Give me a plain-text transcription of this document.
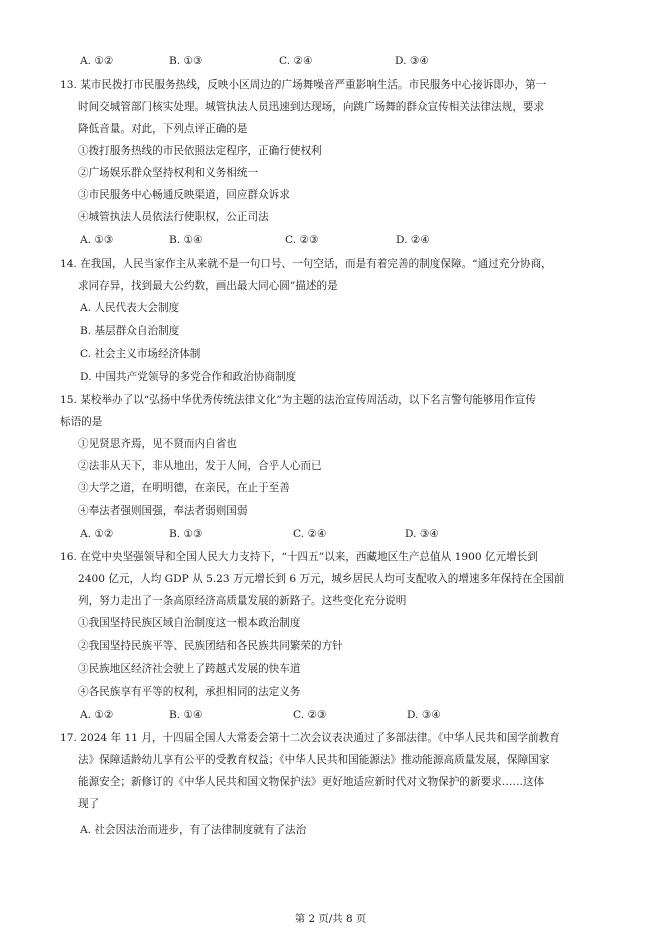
A. ①②	B. ①③	C. ②④	D. ③④
13. 某市民拨打市民服务热线，反映小区周边的广场舞噪音严重影响生活。市民服务中心接诉即办，第一
时间交城管部门核实处理。城管执法人员迅速到达现场，向跳广场舞的群众宣传相关法律法规，要求
降低音量。对此，下列点评正确的是
①拨打服务热线的市民依照法定程序，正确行使权利
②广场娱乐群众坚持权利和义务相统一
③市民服务中心畅通反映渠道，回应群众诉求
④城管执法人员依法行使职权，公正司法
A. ①③	B. ①④	C. ②③	D. ②④
14. 在我国，人民当家作主从来就不是一句口号、一句空话，而是有着完善的制度保障。“通过充分协商，
求同存异，找到最大公约数，画出最大同心圆”描述的是
A. 人民代表大会制度
B. 基层群众自治制度
C. 社会主义市场经济体制
D. 中国共产党领导的多党合作和政治协商制度
15. 某校举办了以“弘扬中华优秀传统法律文化”为主题的法治宣传周活动，以下名言警句能够用作宣传
标语的是
①见贤思齐焉，见不贤而内自省也
②法非从天下，非从地出，发于人间，合乎人心而已
③大学之道，在明明德，在亲民，在止于至善
④奉法者强则国强，奉法者弱则国弱
A. ①②	B. ①③	C. ②④	D. ③④
16. 在党中央坚强领导和全国人民大力支持下，“十四五”以来，西藏地区生产总值从 1900 亿元增长到
2400 亿元，人均 GDP 从 5.23 万元增长到 6 万元，城乡居民人均可支配收入的增速多年保持在全国前
列，努力走出了一条高原经济高质量发展的新路子。这些变化充分说明
①我国坚持民族区域自治制度这一根本政治制度
②我国坚持民族平等、民族团结和各民族共同繁荣的方针
③民族地区经济社会驶上了跨越式发展的快车道
④各民族享有平等的权利，承担相同的法定义务
A. ①②	B. ①④	C. ②③	D. ③④
17. 2024 年 11 月，十四届全国人大常委会第十二次会议表决通过了多部法律。《中华人民共和国学前教育
法》保障适龄幼儿享有公平的受教育权益；《中华人民共和国能源法》推动能源高质量发展，保障国家
能源安全；新修订的《中华人民共和国文物保护法》更好地适应新时代对文物保护的新要求……这体
现了
A. 社会因法治而进步，有了法律制度就有了法治
第 2 页/共 8 页
